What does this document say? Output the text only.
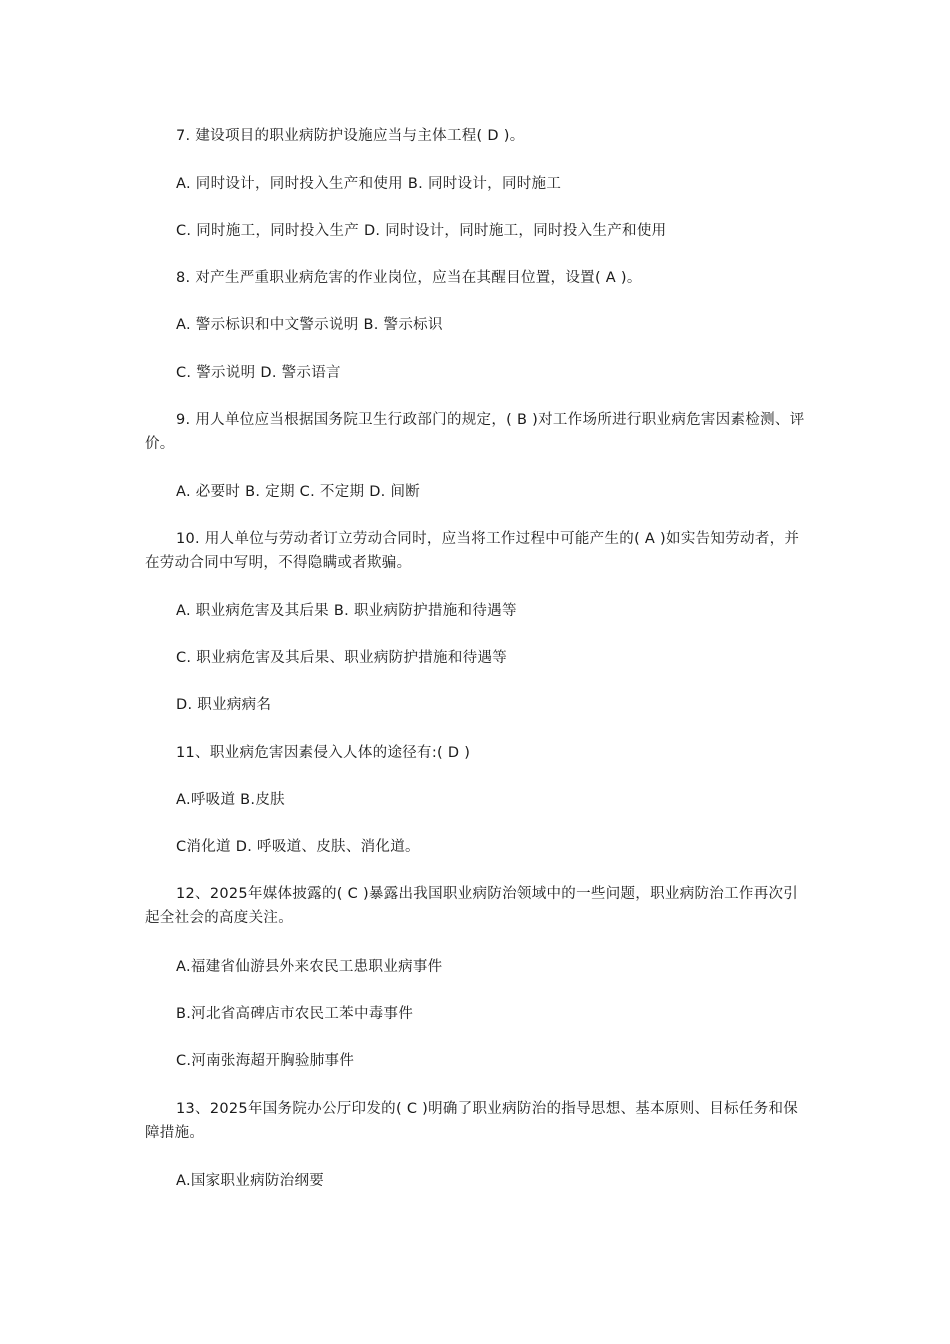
7. 建设项目的职业病防护设施应当与主体工程( D )。

A. 同时设计，同时投入生产和使用 B. 同时设计，同时施工

C. 同时施工，同时投入生产 D. 同时设计，同时施工，同时投入生产和使用

8. 对产生严重职业病危害的作业岗位，应当在其醒目位置，设置( A )。

A. 警示标识和中文警示说明 B. 警示标识

C. 警示说明 D. 警示语言

9. 用人单位应当根据国务院卫生行政部门的规定，( B )对工作场所进行职业病危害因素检测、评价。

A. 必要时 B. 定期 C. 不定期 D. 间断

10. 用人单位与劳动者订立劳动合同时，应当将工作过程中可能产生的( A )如实告知劳动者，并在劳动合同中写明，不得隐瞒或者欺骗。

A. 职业病危害及其后果 B. 职业病防护措施和待遇等

C. 职业病危害及其后果、职业病防护措施和待遇等

D. 职业病病名

11、职业病危害因素侵入人体的途径有:( D )

A.呼吸道 B.皮肤

C消化道 D. 呼吸道、皮肤、消化道。

12、2025年媒体披露的( C )暴露出我国职业病防治领域中的一些问题，职业病防治工作再次引起全社会的高度关注。

A.福建省仙游县外来农民工患职业病事件

B.河北省高碑店市农民工苯中毒事件

C.河南张海超开胸验肺事件

13、2025年国务院办公厅印发的( C )明确了职业病防治的指导思想、基本原则、目标任务和保障措施。

A.国家职业病防治纲要
